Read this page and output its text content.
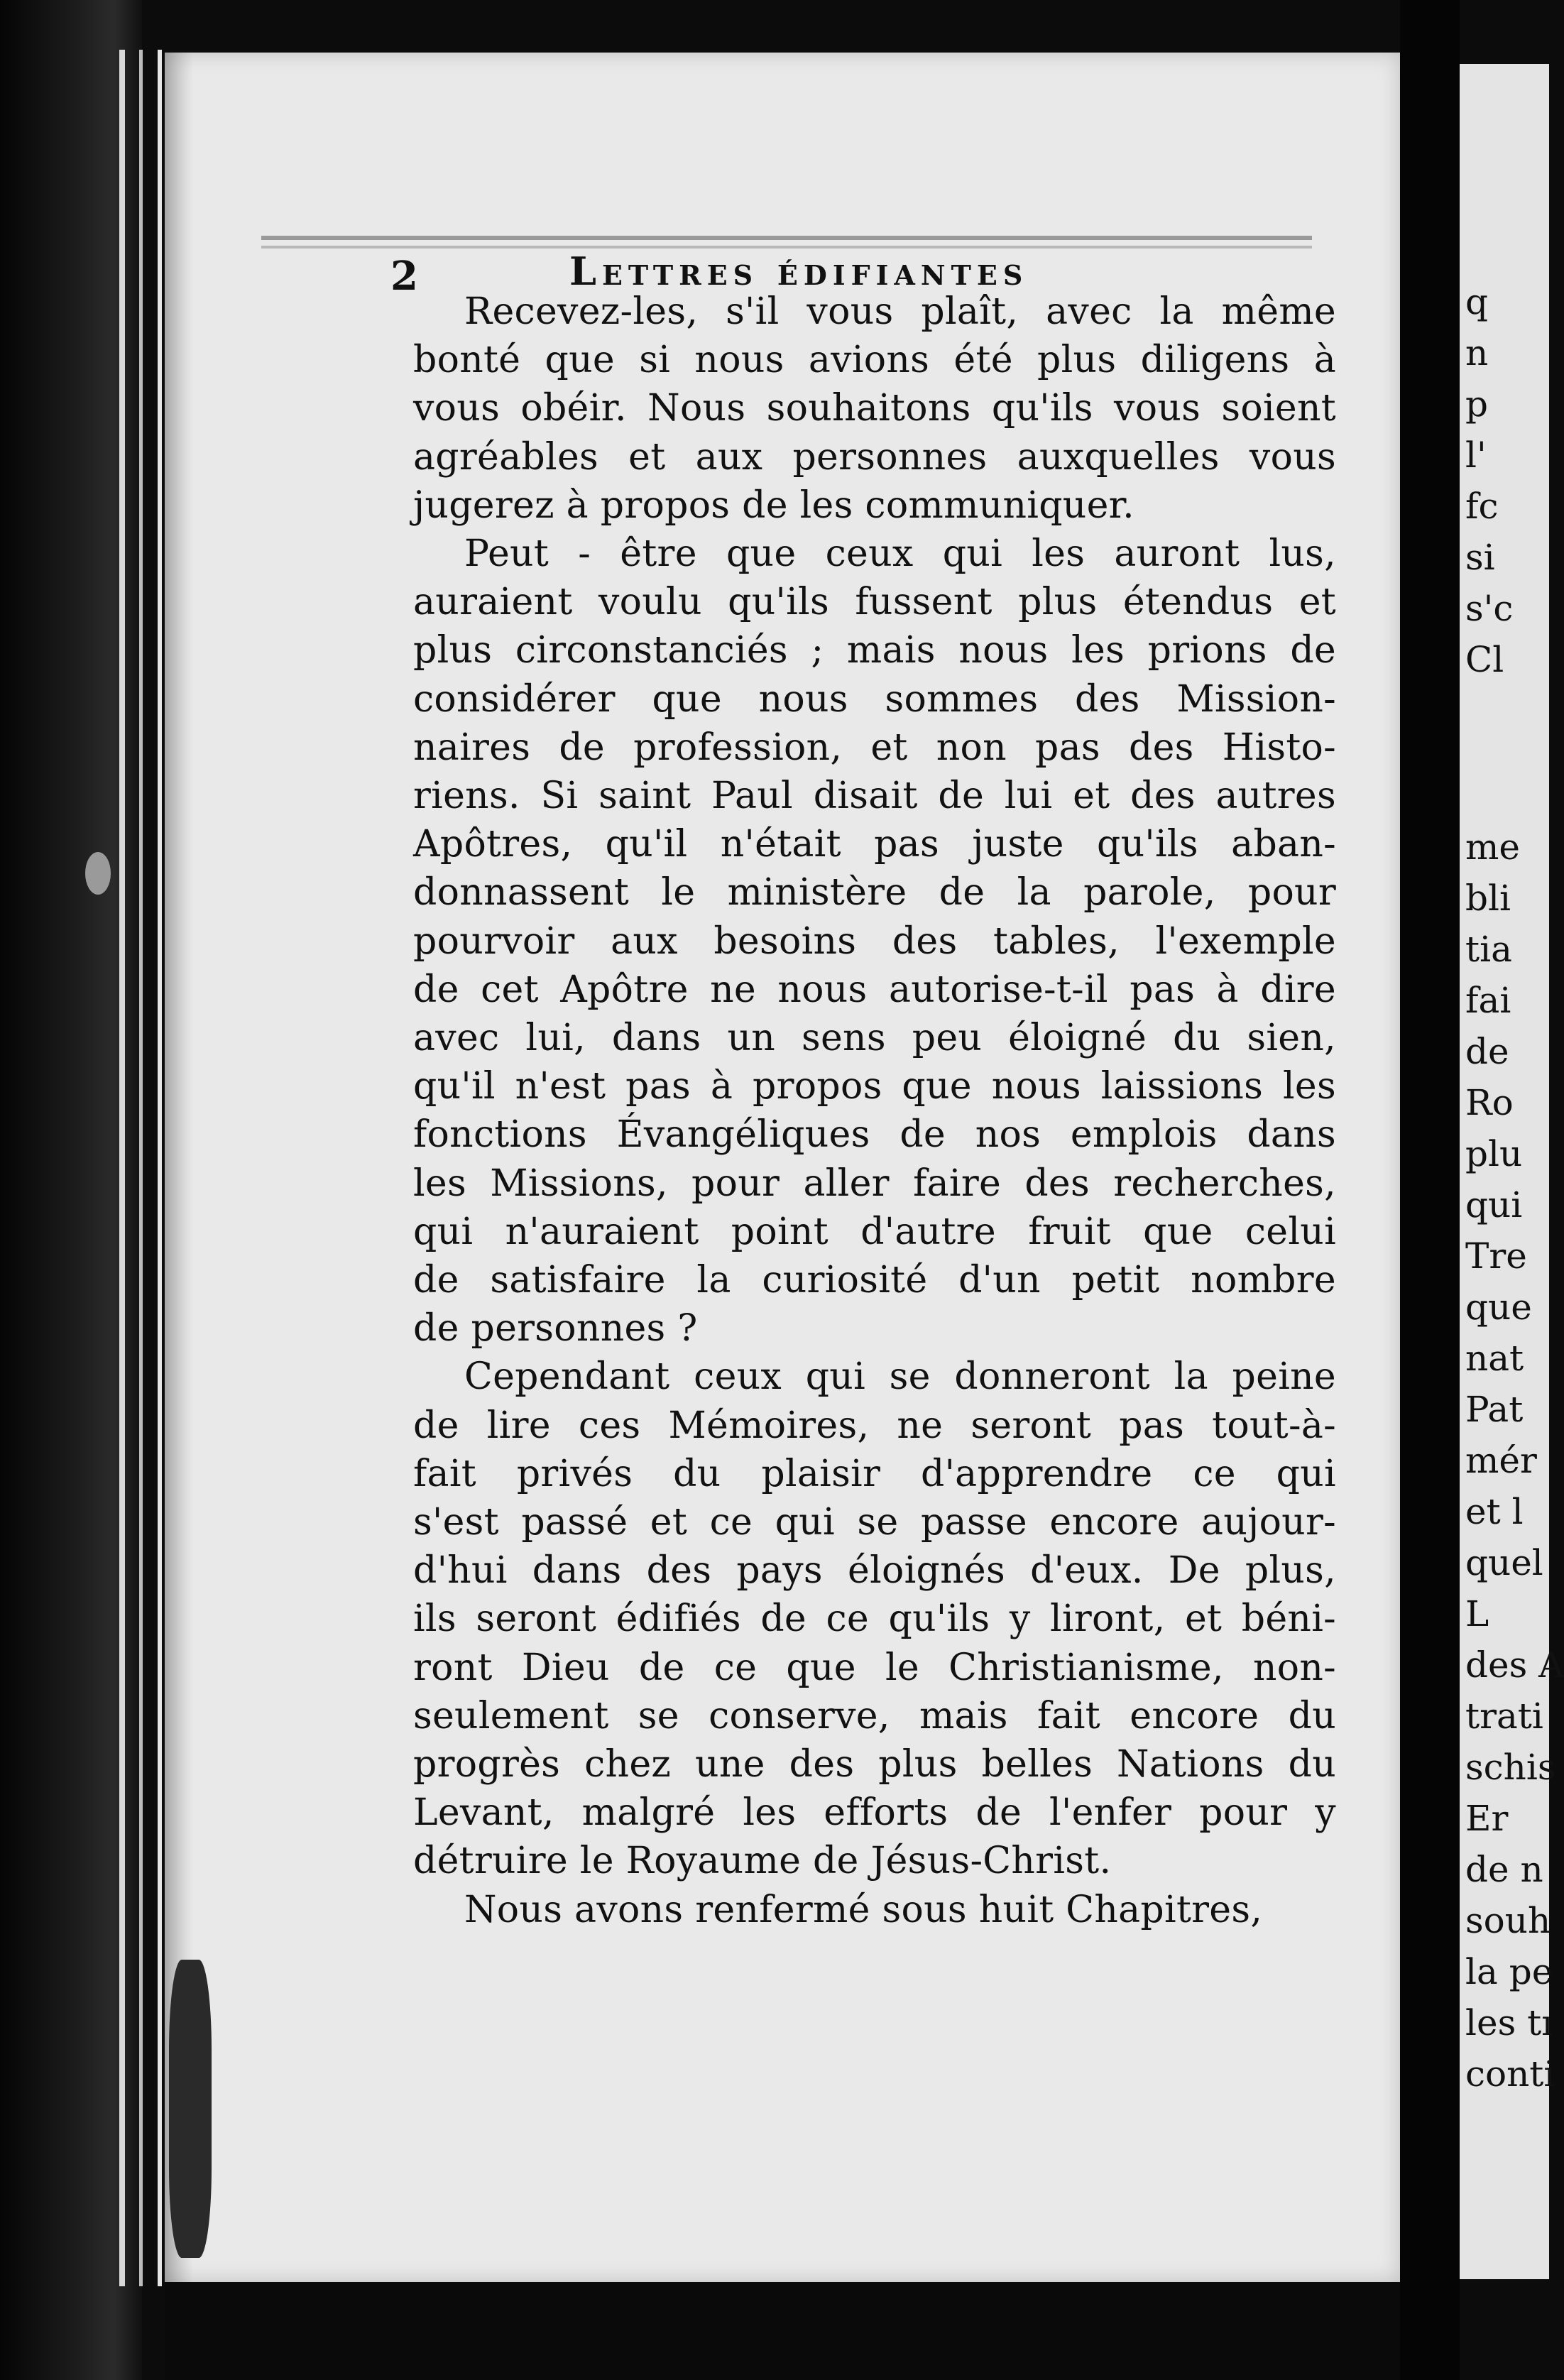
2	Lettres édifiantes
Recevez-les, s'il vous plaît, avec la même
bonté que si nous avions été plus diligens à
vous obéir. Nous souhaitons qu'ils vous soient
agréables et aux personnes auxquelles vous
jugerez à propos de les communiquer.
Peut - être que ceux qui les auront lus,
auraient voulu qu'ils fussent plus étendus et
plus circonstanciés ; mais nous les prions de
considérer que nous sommes des Mission-
naires de profession, et non pas des Histo-
riens. Si saint Paul disait de lui et des autres
Apôtres, qu'il n'était pas juste qu'ils aban-
donnassent le ministère de la parole, pour
pourvoir aux besoins des tables, l'exemple
de cet Apôtre ne nous autorise-t-il pas à dire
avec lui, dans un sens peu éloigné du sien,
qu'il n'est pas à propos que nous laissions les
fonctions Évangéliques de nos emplois dans
les Missions, pour aller faire des recherches,
qui n'auraient point d'autre fruit que celui
de satisfaire la curiosité d'un petit nombre
de personnes ?
Cependant ceux qui se donneront la peine
de lire ces Mémoires, ne seront pas tout-à-
fait privés du plaisir d'apprendre ce qui
s'est passé et ce qui se passe encore aujour-
d'hui dans des pays éloignés d'eux. De plus,
ils seront édifiés de ce qu'ils y liront, et béni-
ront Dieu de ce que le Christianisme, non-
seulement se conserve, mais fait encore du
progrès chez une des plus belles Nations du
Levant, malgré les efforts de l'enfer pour y
détruire le Royaume de Jésus-Christ.
Nous avons renfermé sous huit Chapitres,
q
n
p
l'
fc
si
s'c
Cl
me
bli
tia
fai
de
Ro
plu
qui
Tre
que
nat
Pat
mér
et l
quel
L
des A
trati
schis
Er
de n
souh
la pe
les tı
conti
